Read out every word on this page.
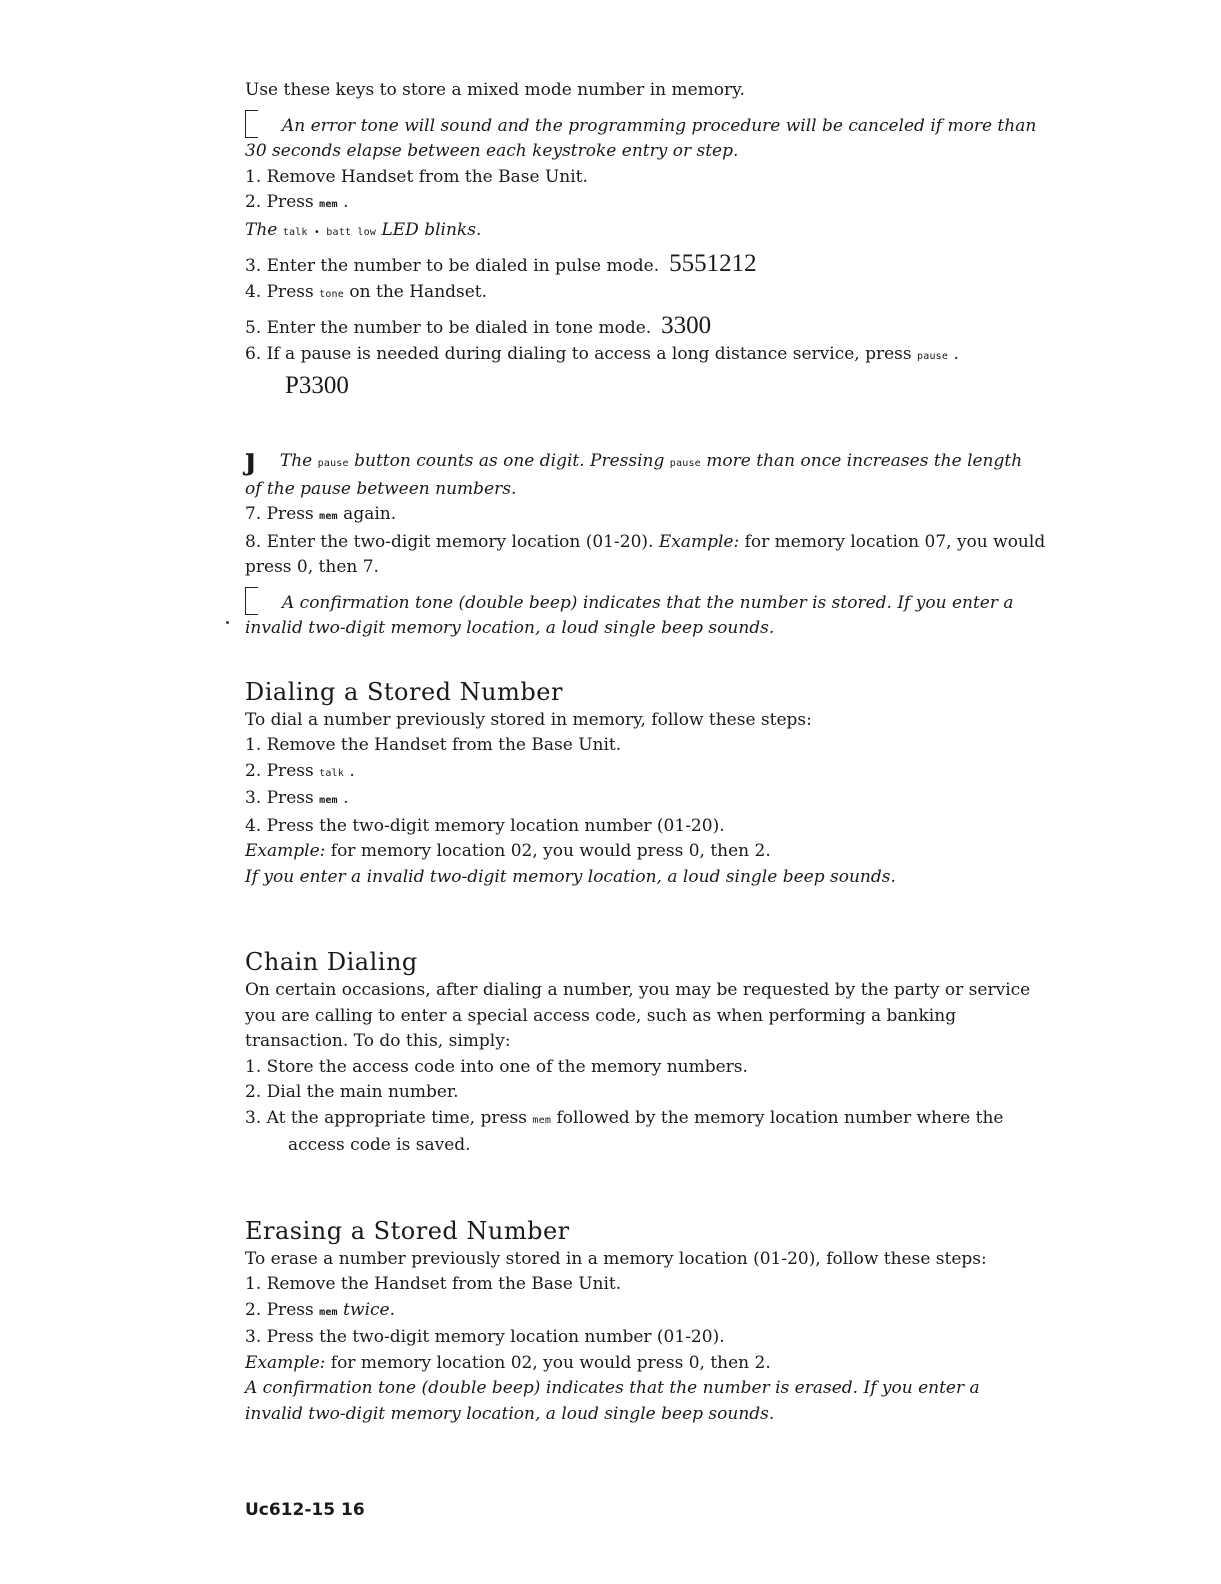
Use these keys to store a mixed mode number in memory.
An error tone will sound and the programming procedure will be canceled if more than
30 seconds elapse between each keystroke entry or step.
1. Remove Handset from the Base Unit.
2. Press mem .
The talk • batt low LED blinks.
3. Enter the number to be dialed in pulse mode. 5551212
4. Press tone on the Handset.
5. Enter the number to be dialed in tone mode. 3300
6. If a pause is needed during dialing to access a long distance service, press pause .
P3300
ȷ The pause button counts as one digit. Pressing pause more than once increases the length
of the pause between numbers.
7. Press mem again.
8. Enter the two-digit memory location (01-20). Example: for memory location 07, you would
press 0, then 7.
A confirmation tone (double beep) indicates that the number is stored. If you enter a
invalid two-digit memory location, a loud single beep sounds.
Dialing a Stored Number
To dial a number previously stored in memory, follow these steps:
1. Remove the Handset from the Base Unit.
2. Press talk .
3. Press mem .
4. Press the two-digit memory location number (01-20).
Example: for memory location 02, you would press 0, then 2.
If you enter a invalid two-digit memory location, a loud single beep sounds.
Chain Dialing
On certain occasions, after dialing a number, you may be requested by the party or service
you are calling to enter a special access code, such as when performing a banking
transaction. To do this, simply:
1. Store the access code into one of the memory numbers.
2. Dial the main number.
3. At the appropriate time, press mem followed by the memory location number where the
access code is saved.
Erasing a Stored Number
To erase a number previously stored in a memory location (01-20), follow these steps:
1. Remove the Handset from the Base Unit.
2. Press mem twice.
3. Press the two-digit memory location number (01-20).
Example: for memory location 02, you would press 0, then 2.
A confirmation tone (double beep) indicates that the number is erased. If you enter a
invalid two-digit memory location, a loud single beep sounds.
Uc612-15 16
